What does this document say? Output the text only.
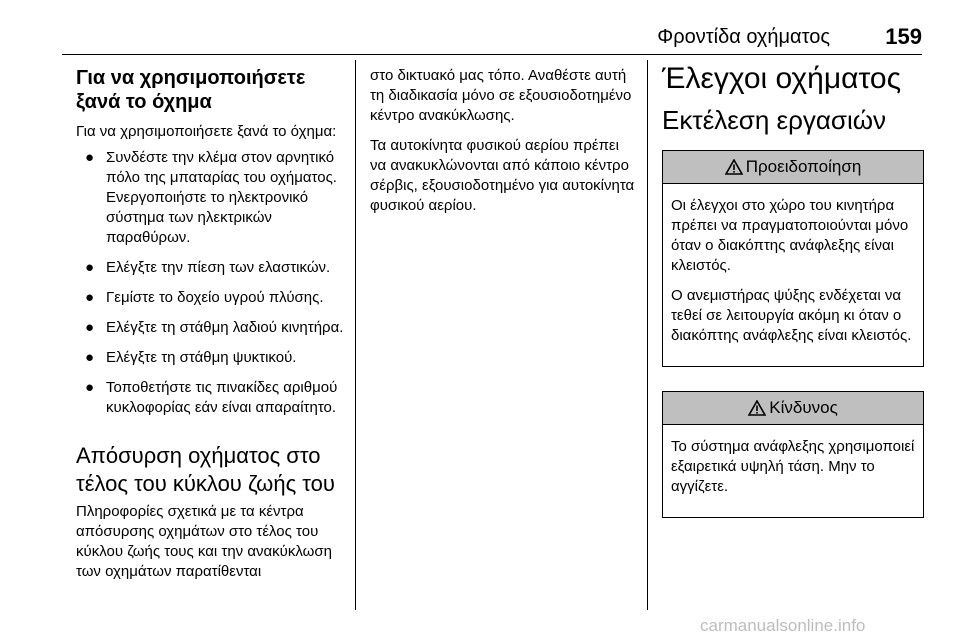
Φροντίδα οχήματος	159
Για να χρησιμοποιήσετε ξανά το όχημα

Για να χρησιμοποιήσετε ξανά το όχημα:

● Συνδέστε την κλέμα στον αρνητικό πόλο της μπαταρίας του οχήματος. Ενεργοποιήστε το ηλεκτρονικό σύστημα των ηλεκτρικών παραθύρων.
● Ελέγξτε την πίεση των ελαστικών.
● Γεμίστε το δοχείο υγρού πλύσης.
● Ελέγξτε τη στάθμη λαδιού κινητήρα.
● Ελέγξτε τη στάθμη ψυκτικού.
● Τοποθετήστε τις πινακίδες αριθμού κυκλοφορίας εάν είναι απαραίτητο.
Απόσυρση οχήματος στο τέλος του κύκλου ζωής του

Πληροφορίες σχετικά με τα κέντρα απόσυρσης οχημάτων στο τέλος του κύκλου ζωής τους και την ανακύκλωση των οχημάτων παρατίθενται

στο δικτυακό μας τόπο. Αναθέστε αυτή τη διαδικασία μόνο σε εξουσιοδοτημένο κέντρο ανακύκλωσης.

Τα αυτοκίνητα φυσικού αερίου πρέπει να ανακυκλώνονται από κάποιο κέντρο σέρβις, εξουσιοδοτημένο για αυτοκίνητα φυσικού αερίου.

Έλεγχοι οχήματος
Εκτέλεση εργασιών
Προειδοποίηση

Οι έλεγχοι στο χώρο του κινητήρα πρέπει να πραγματοποιούνται μόνο όταν ο διακόπτης ανάφλεξης είναι κλειστός.

Ο ανεμιστήρας ψύξης ενδέχεται να τεθεί σε λειτουργία ακόμη κι όταν ο διακόπτης ανάφλεξης είναι κλειστός.

Κίνδυνος

Το σύστημα ανάφλεξης χρησιμοποιεί εξαιρετικά υψηλή τάση. Μην το αγγίζετε.

carmanualsonline.info
